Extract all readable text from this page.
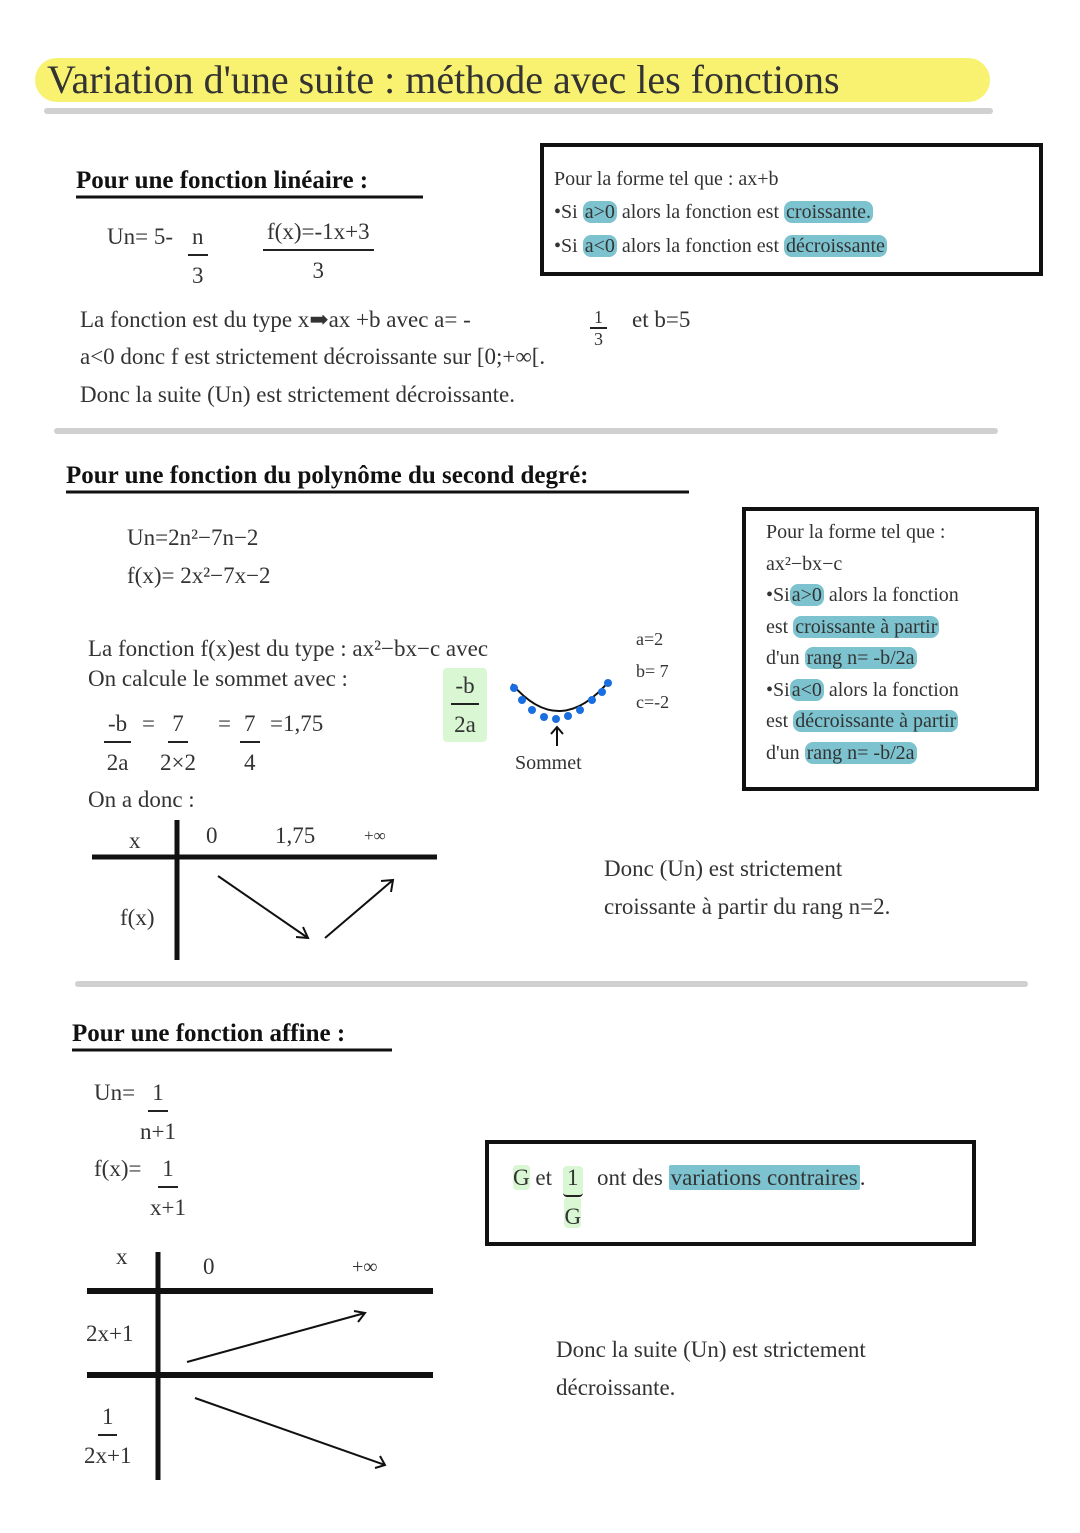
Variation d'une suite : méthode avec les fonctions
Pour une fonction linéaire :
$Un= 5- \frac{n}{3} \frac{f(x)=-1x+3}{3}$
La fonction est du type x➡ax +b avec a= -	$\frac{1}{3}$ et b=5
a<0 donc f est strictement décroissante sur [0;+∞[.
Donc la suite (Un) est strictement décroissante.
Pour la forme tel que : ax+b
•Si a>0 alors la fonction est croissante.
•Si a<0 alors la fonction est décroissante
Pour une fonction du polynôme du second degré:
Un=2n²−7n−2
f(x)= 2x²−7x−2
La fonction f(x)est du type : ax²−bx−c avec
On calcule le sommet avec :	$\frac{-b}{2a}$
a=2
b= 7
c=-2
Sommet
$\frac{-b}{2a} = \frac{7}{2\times 2} = \frac{7}{4} =1,75$
On a donc :
x	0	1,75	+∞
f(x)
Donc (Un) est strictement
croissante à partir du rang n=2.
Pour la forme tel que :
ax²−bx−c
•Si a>0 alors la fonction
est croissante à partir
d'un rang n= -b/2a
•Si a<0 alors la fonction
est décroissante à partir
d'un rang n= -b/2a
Pour une fonction affine :
$Un= \frac{1}{n+1}$
$f(x)= \frac{1}{x+1}$
x	0	+∞
2x+1
$\frac{1}{2x+1}$
G et $\frac{1}{G}$ ont des variations contraires.
Donc la suite (Un) est strictement
décroissante.
